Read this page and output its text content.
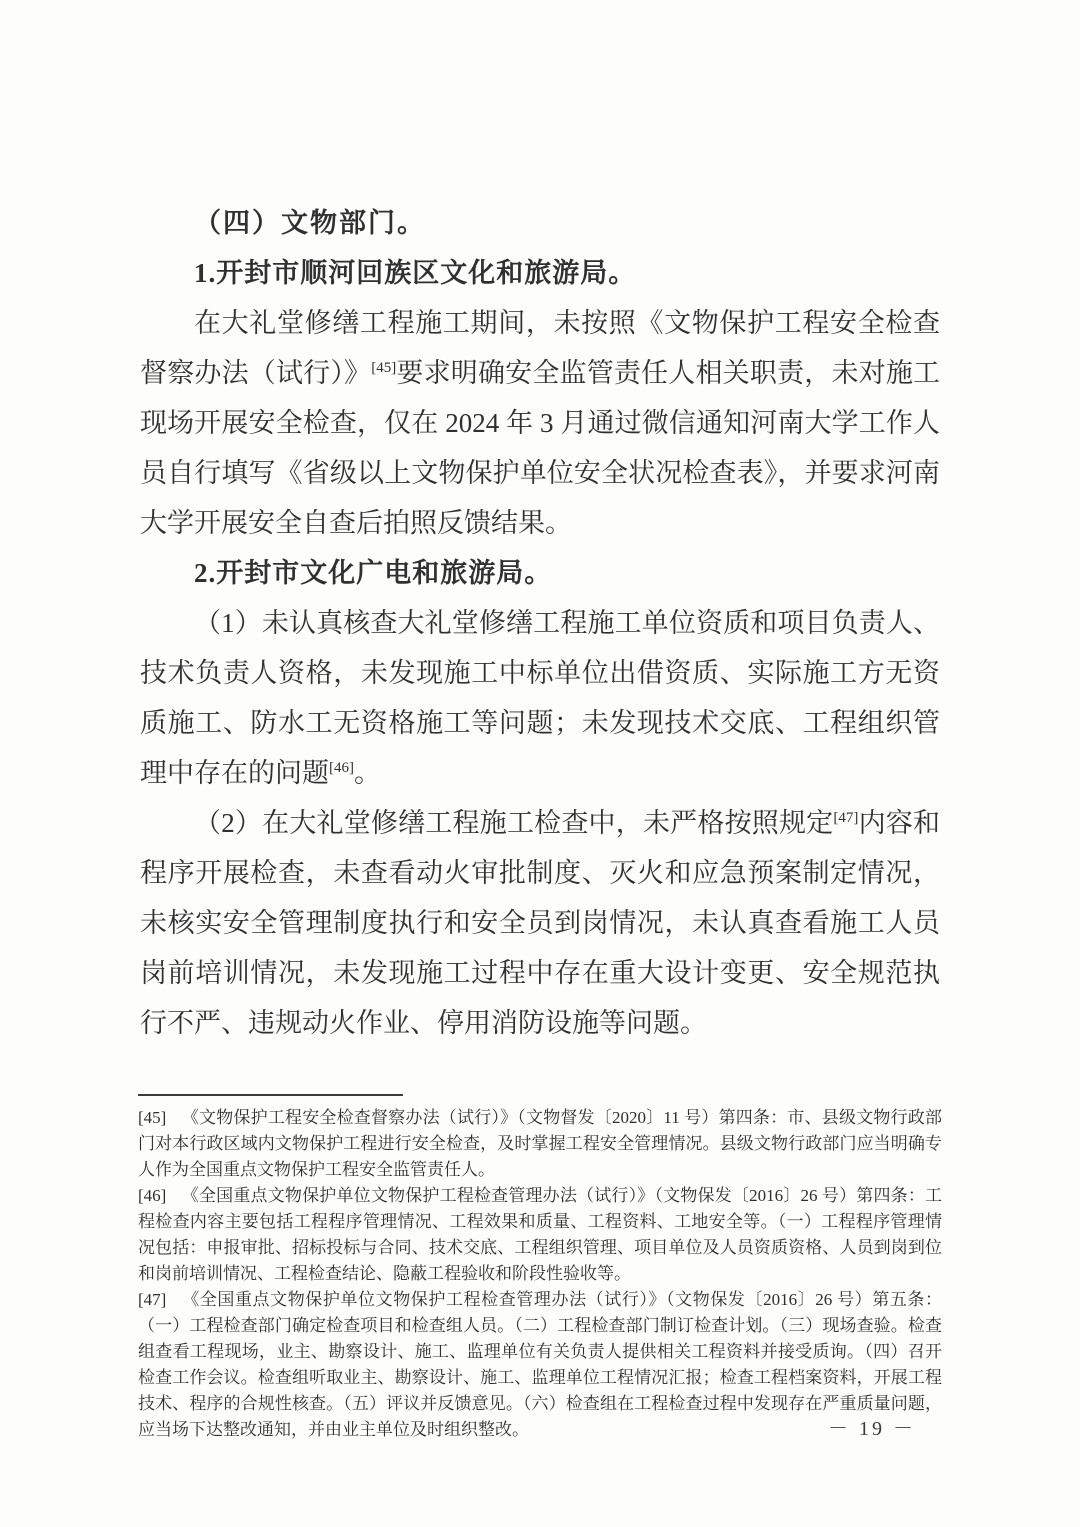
（四）文物部门。

1.开封市顺河回族区文化和旅游局。

在大礼堂修缮工程施工期间，未按照《文物保护工程安全检查督察办法（试行）》[45]要求明确安全监管责任人相关职责，未对施工现场开展安全检查，仅在 2024 年 3 月通过微信通知河南大学工作人员自行填写《省级以上文物保护单位安全状况检查表》，并要求河南大学开展安全自查后拍照反馈结果。

2.开封市文化广电和旅游局。

（1）未认真核查大礼堂修缮工程施工单位资质和项目负责人、技术负责人资格，未发现施工中标单位出借资质、实际施工方无资质施工、防水工无资格施工等问题；未发现技术交底、工程组织管理中存在的问题[46]。

（2）在大礼堂修缮工程施工检查中，未严格按照规定[47]内容和程序开展检查，未查看动火审批制度、灭火和应急预案制定情况，未核实安全管理制度执行和安全员到岗情况，未认真查看施工人员岗前培训情况，未发现施工过程中存在重大设计变更、安全规范执行不严、违规动火作业、停用消防设施等问题。

[45] 《文物保护工程安全检查督察办法（试行）》（文物督发〔2020〕11 号）第四条：市、县级文物行政部门对本行政区域内文物保护工程进行安全检查，及时掌握工程安全管理情况。县级文物行政部门应当明确专人作为全国重点文物保护工程安全监管责任人。

[46] 《全国重点文物保护单位文物保护工程检查管理办法（试行）》（文物保发〔2016〕26 号）第四条：工程检查内容主要包括工程程序管理情况、工程效果和质量、工程资料、工地安全等。（一）工程程序管理情况包括：申报审批、招标投标与合同、技术交底、工程组织管理、项目单位及人员资质资格、人员到岗到位和岗前培训情况、工程检查结论、隐蔽工程验收和阶段性验收等。

[47] 《全国重点文物保护单位文物保护工程检查管理办法（试行）》（文物保发〔2016〕26 号）第五条：（一）工程检查部门确定检查项目和检查组人员。（二）工程检查部门制订检查计划。（三）现场查验。检查组查看工程现场，业主、勘察设计、施工、监理单位有关负责人提供相关工程资料并接受质询。（四）召开检查工作会议。检查组听取业主、勘察设计、施工、监理单位工程情况汇报；检查工程档案资料，开展工程技术、程序的合规性核查。（五）评议并反馈意见。（六）检查组在工程检查过程中发现存在严重质量问题，应当场下达整改通知，并由业主单位及时组织整改。	－ 19 －
